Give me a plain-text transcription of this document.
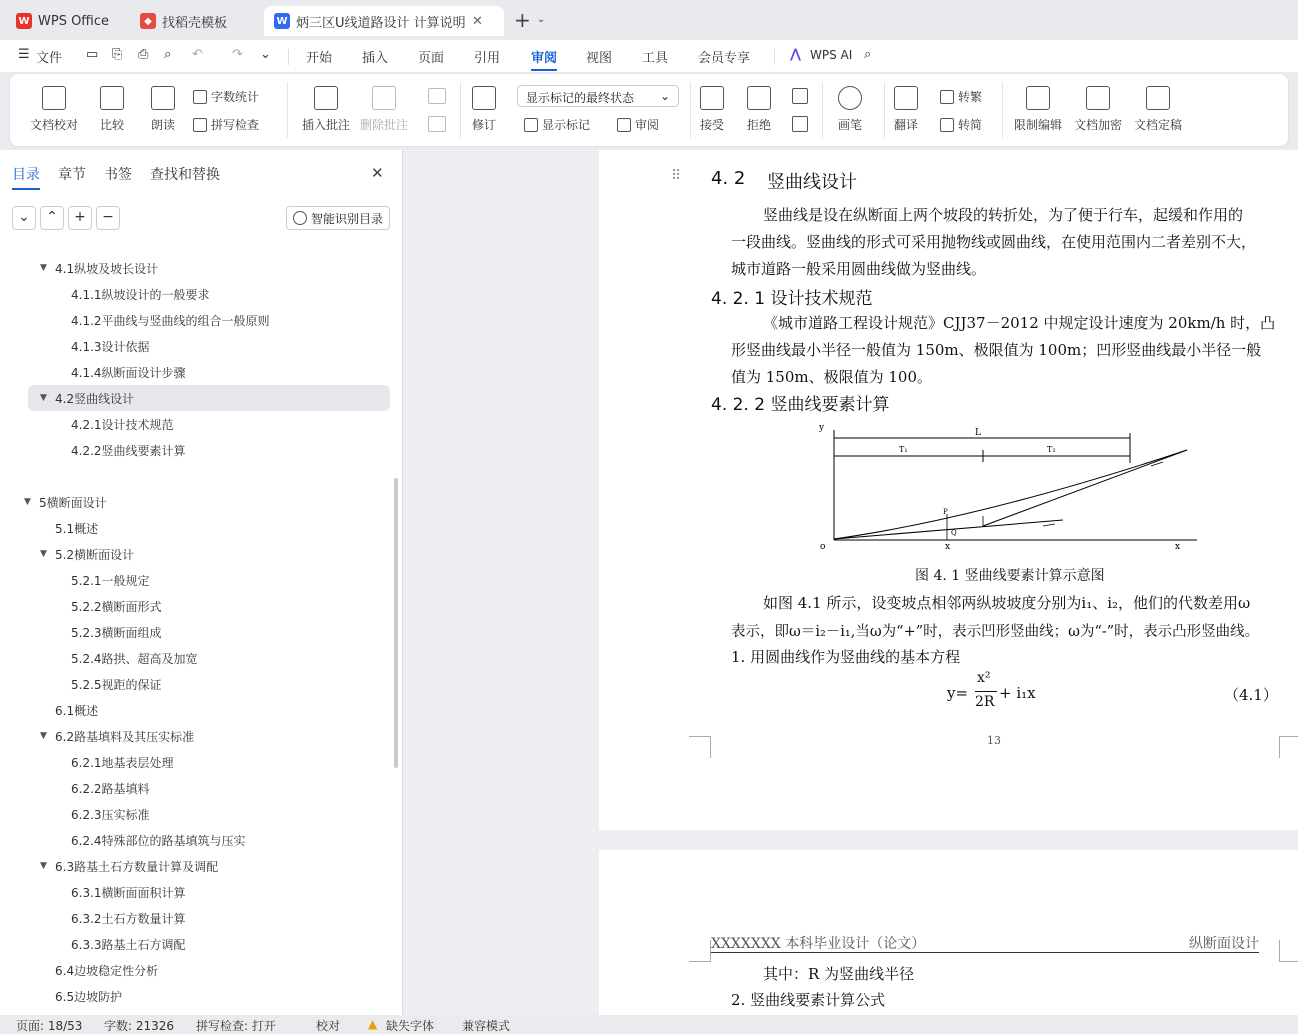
W WPS Office	◆ 找稻壳模板	W 炳三区U线道路设计 计算说明 ✕ + ⌄
☰ 文件 ▭ ⎘ ⎙ ⌕ ↶ ↷ ⌄	开始 插入 页面 引用 审阅 视图 工具 会员专享	⋀ WPS AI ⌕
文档校对 比较 朗读
字数统计
拼写检查	插入批注 删除批注	修订
显示标记的最终状态 ⌄
显示标记	审阅	接受 拒绝	画笔	翻译
转繁
转简	限制编辑 文档加密 文档定稿
目录 章节 书签 查找和替换	✕
⌄	⌃	+	−	智能识别目录
▼ 4.1纵坡及坡长设计
4.1.1纵坡设计的一般要求
4.1.2平曲线与竖曲线的组合一般原则
4.1.3设计依据
4.1.4纵断面设计步骤
▼ 4.2竖曲线设计
4.2.1设计技术规范
4.2.2竖曲线要素计算
▼ 5横断面设计
5.1概述
▼ 5.2横断面设计
5.2.1一般规定
5.2.2横断面形式
5.2.3横断面组成
5.2.4路拱、超高及加宽
5.2.5视距的保证
6.1概述
▼ 6.2路基填料及其压实标准
6.2.1地基表层处理
6.2.2路基填料
6.2.3压实标准
6.2.4特殊部位的路基填筑与压实
▼ 6.3路基土石方数量计算及调配
6.3.1横断面面积计算
6.3.2土石方数量计算
6.3.3路基土石方调配
6.4边坡稳定性分析
6.5边坡防护
⠿ 4. 2 竖曲线设计
竖曲线是设在纵断面上两个坡段的转折处，为了便于行车，起缓和作用的
一段曲线。竖曲线的形式可采用抛物线或圆曲线，在使用范围内二者差别不大，
城市道路一般采用圆曲线做为竖曲线。
4. 2. 1 设计技术规范
《城市道路工程设计规范》CJJ37－2012 中规定设计速度为 20km/h 时，凸
形竖曲线最小半径一般值为 150m、极限值为 100m；凹形竖曲线最小半径一般
值为 150m、极限值为 100。
4. 2. 2 竖曲线要素计算
y
o	x	x
L
T₁	T₂
P
Q
图 4. 1 竖曲线要素计算示意图
如图 4.1 所示，设变坡点相邻两纵坡坡度分别为i₁、i₂，他们的代数差用ω
表示，即ω＝i₂－i₁,当ω为“+”时，表示凹形竖曲线；ω为“-”时，表示凸形竖曲线。
1. 用圆曲线作为竖曲线的基本方程
y=
x²
2R + i₁x	（4.1）
13
XXXXXXX 本科毕业设计（论文）	纵断面设计
其中：R 为竖曲线半径
2. 竖曲线要素计算公式
页面: 18/53 字数: 21326 拼写检查: 打开	校对 ▲ 缺失字体 兼容模式
